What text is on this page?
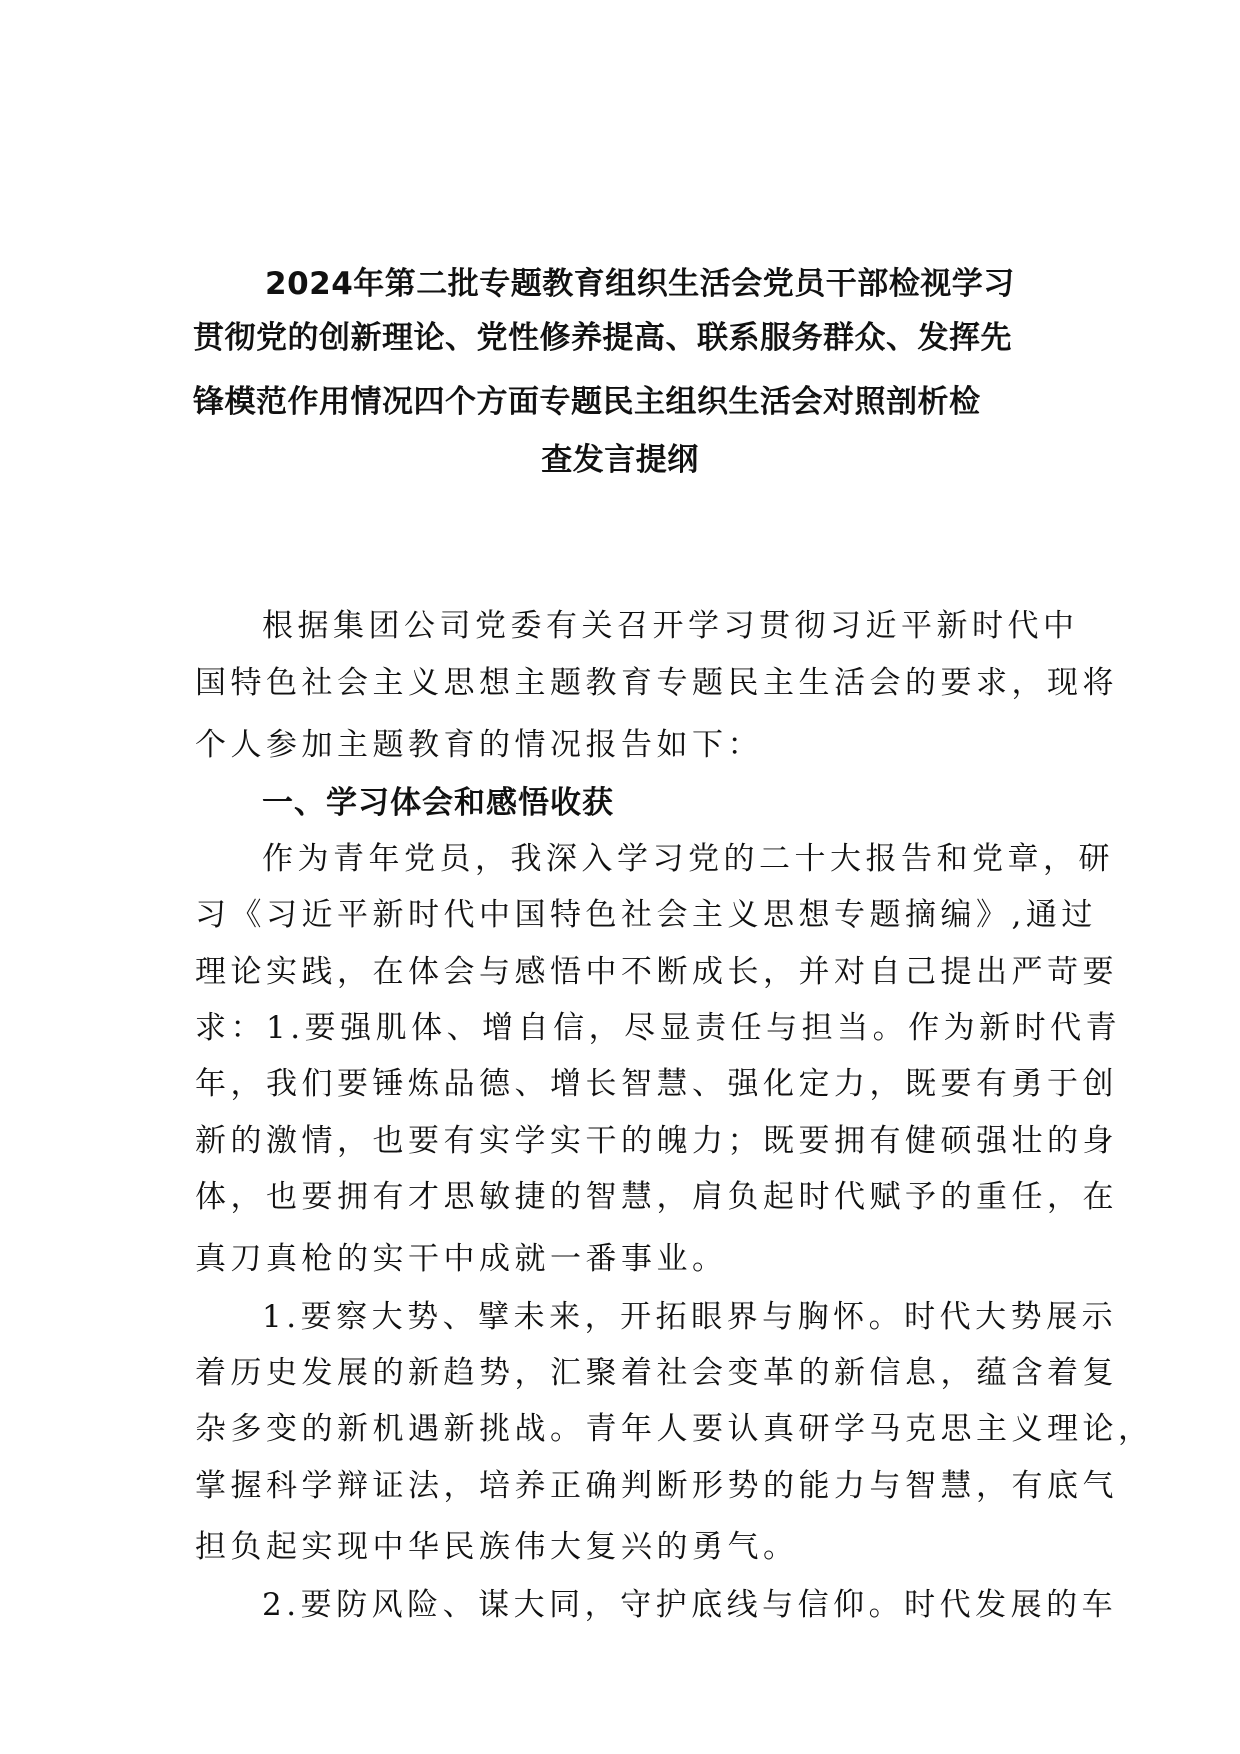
2024年第二批专题教育组织生活会党员干部检视学习
贯彻党的创新理论、党性修养提高、联系服务群众、发挥先
锋模范作用情况四个方面专题民主组织生活会对照剖析检
查发言提纲
根据集团公司党委有关召开学习贯彻习近平新时代中
国特色社会主义思想主题教育专题民主生活会的要求，现将
个人参加主题教育的情况报告如下：
一、学习体会和感悟收获
作为青年党员，我深入学习党的二十大报告和党章，研
习《习近平新时代中国特色社会主义思想专题摘编》,通过
理论实践，在体会与感悟中不断成长，并对自己提出严苛要
求：1.要强肌体、增自信，尽显责任与担当。作为新时代青
年，我们要锤炼品德、增长智慧、强化定力，既要有勇于创
新的激情，也要有实学实干的魄力；既要拥有健硕强壮的身
体，也要拥有才思敏捷的智慧，肩负起时代赋予的重任，在
真刀真枪的实干中成就一番事业。
1.要察大势、擘未来，开拓眼界与胸怀。时代大势展示
着历史发展的新趋势，汇聚着社会变革的新信息，蕴含着复
杂多变的新机遇新挑战。青年人要认真研学马克思主义理论，
掌握科学辩证法，培养正确判断形势的能力与智慧，有底气
担负起实现中华民族伟大复兴的勇气。
2.要防风险、谋大同，守护底线与信仰。时代发展的车
